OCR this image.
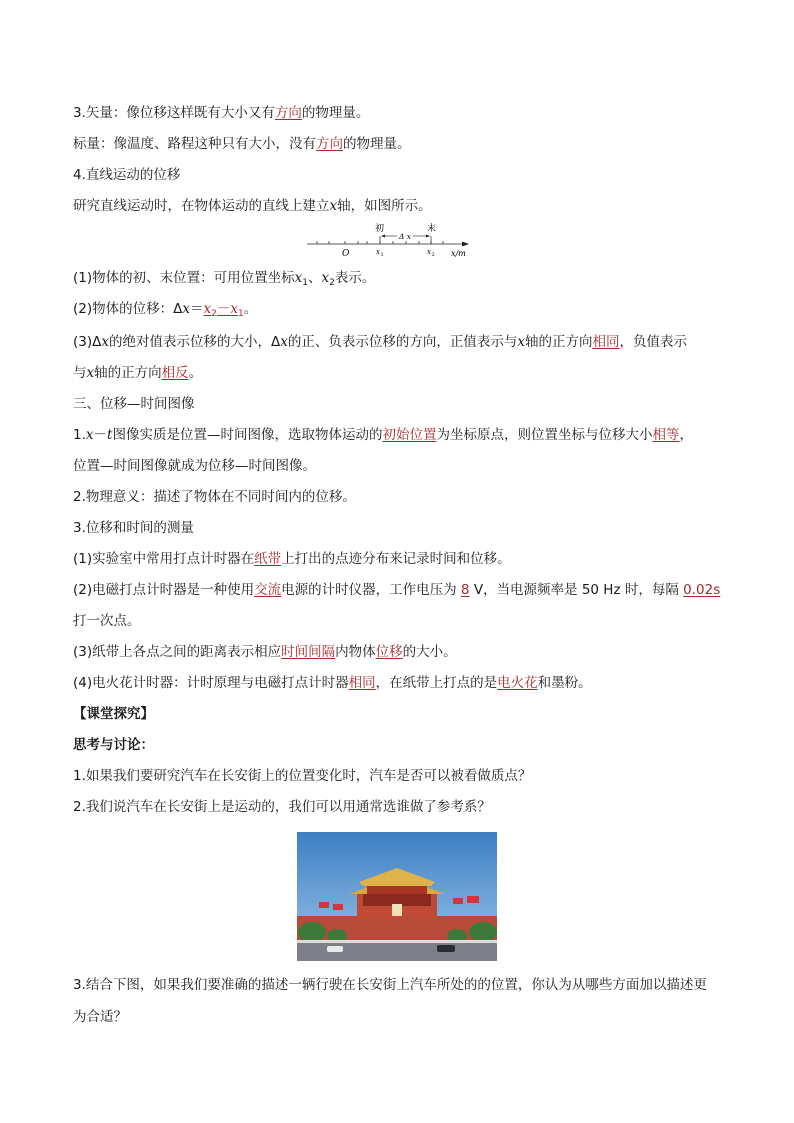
3.矢量：像位移这样既有大小又有方向的物理量。
标量：像温度、路程这种只有大小，没有方向的物理量。
4.直线运动的位移
研究直线运动时，在物体运动的直线上建立x轴，如图所示。
初	末
Δ x
O	x 1	x 2 x/m
(1)物体的初、末位置：可用位置坐标$x_1$、$x_2$表示。
(2)物体的位移：$\Delta x=x_2-x_1$。
(3)Δx的绝对值表示位移的大小，Δx的正、负表示位移的方向，正值表示与x轴的正方向相同，负值表示
与x轴的正方向相反。
三、位移—时间图像
1.x－t图像实质是位置—时间图像，选取物体运动的初始位置为坐标原点，则位置坐标与位移大小相等，
位置—时间图像就成为位移—时间图像。
2.物理意义：描述了物体在不同时间内的位移。
3.位移和时间的测量
(1)实验室中常用打点计时器在纸带上打出的点迹分布来记录时间和位移。
(2)电磁打点计时器是一种使用交流电源的计时仪器，工作电压为 8 V，当电源频率是 50 Hz 时，每隔 0.02s
打一次点。
(3)纸带上各点之间的距离表示相应时间间隔内物体位移的大小。
(4)电火花计时器：计时原理与电磁打点计时器相同，在纸带上打点的是电火花和墨粉。
【课堂探究】
思考与讨论：
1.如果我们要研究汽车在长安街上的位置变化时，汽车是否可以被看做质点？
2.我们说汽车在长安街上是运动的，我们可以用通常选谁做了参考系？
3.结合下图，如果我们要准确的描述一辆行驶在长安街上汽车所处的的位置，你认为从哪些方面加以描述更
为合适？
